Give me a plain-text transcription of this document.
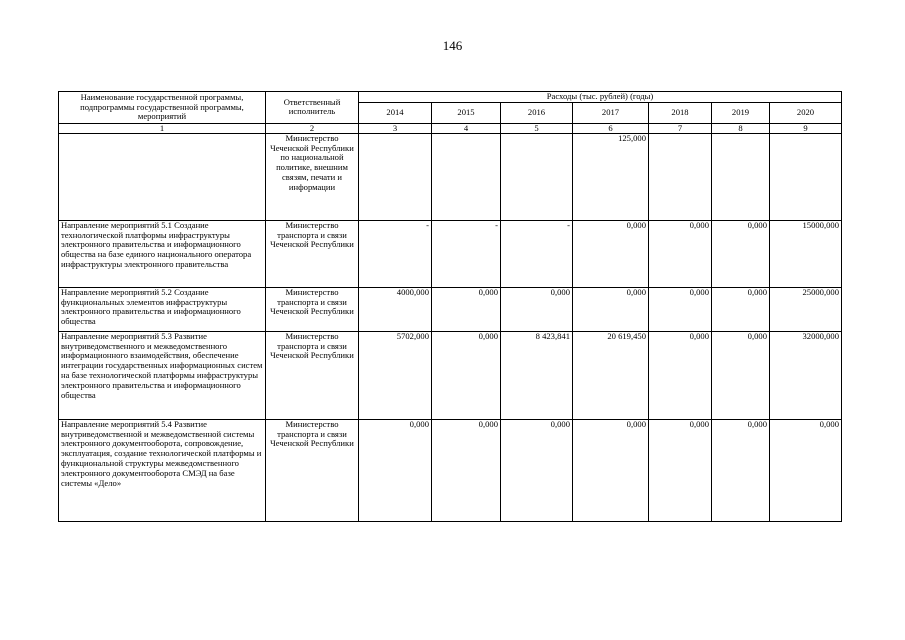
146
Наименование государственной программы, подпрограммы государственной программы, мероприятий	Ответственный исполнитель	Расходы (тыс. рублей) (годы)						
		2014	2015	2016	2017	2018	2019	2020
1	2	3	4	5	6	7	8	9
	Министерство Чеченской Республики по национальной политике, внешним связям, печати и информации				125,000			
Направление мероприятий 5.1 Создание технологической платформы инфраструктуры электронного правительства и информационного общества на базе единого национального оператора инфраструктуры электронного правительства	Министерство транспорта и связи Чеченской Республики	-	-	-	0,000	0,000	0,000	15000,000
Направление мероприятий 5.2 Создание функциональных элементов инфраструктуры электронного правительства и информационного общества	Министерство транспорта и связи Чеченской Республики	4000,000	0,000	0,000	0,000	0,000	0,000	25000,000
Направление мероприятий 5.3 Развитие внутриведомственного и межведомственного информационного взаимодействия, обеспечение интеграции государственных информационных систем на базе технологической платформы инфраструктуры электронного правительства и информационного общества	Министерство транспорта и связи Чеченской Республики	5702,000	0,000	8 423,841	20 619,450	0,000	0,000	32000,000
Направление мероприятий 5.4 Развитие внутриведомственной и межведомственной системы электронного документооборота, сопровождение, эксплуатация, создание технологической платформы и функциональной структуры межведомственного электронного документооборота СМЭД на базе системы «Дело»	Министерство транспорта и связи Чеченской Республики	0,000	0,000	0,000	0,000	0,000	0,000	0,000
